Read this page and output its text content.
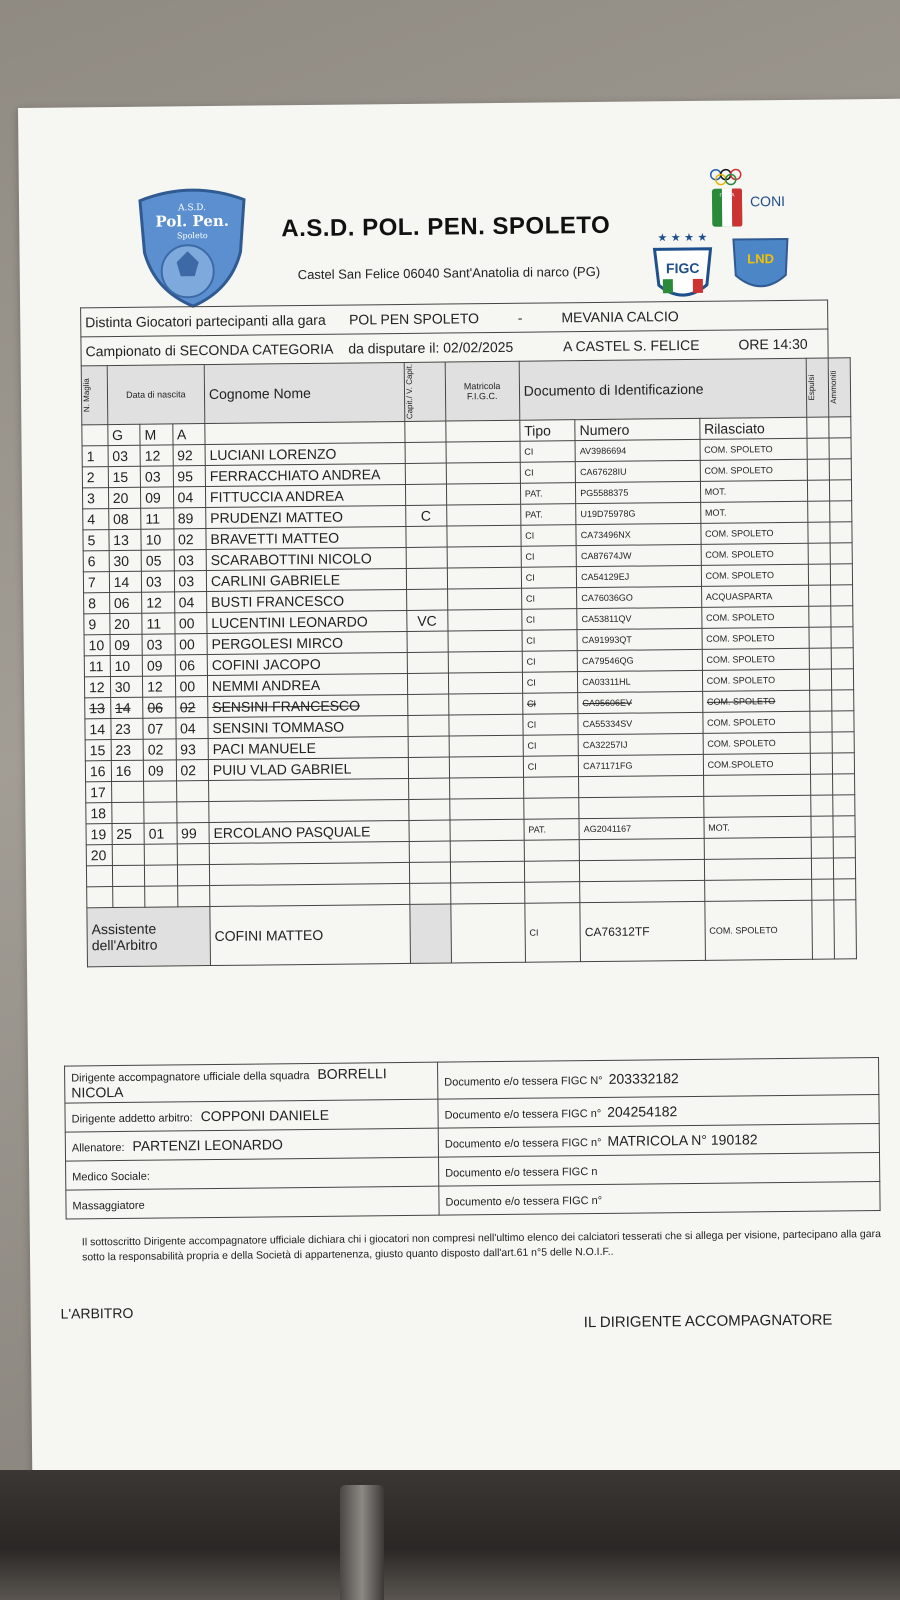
A.S.D.
Pol. Pen.
Spoleto	A.S.D. POL. PEN. SPOLETO
Castel San Felice 06040 Sant'Anatolia di narco (PG)
ITALIA CONI
★ ★ ★ ★
FIGC
LND
Distinta Giocatori partecipanti alla gara POL PEN SPOLETO - MEVANIA CALCIO											
Campionato di SECONDA CATEGORIA da disputare il: 02/02/2025 A CASTEL S. FELICE ORE 14:30											

N. Maglia	Data di nascita			Cognome Nome	Capit./ V. Capit.	Matricola F.I.G.C.	Documento di Identificazione			Espulsi	Ammoniti

	G	M	A				Tipo	Numero	Rilasciato		
1	03	12	92	LUCIANI LORENZO			CI	AV3986694	COM. SPOLETO		
2	15	03	95	FERRACCHIATO ANDREA			CI	CA67628IU	COM. SPOLETO		
3	20	09	04	FITTUCCIA ANDREA			PAT.	PG5588375	MOT.		
4	08	11	89	PRUDENZI MATTEO	C		PAT.	U19D75978G	MOT.		
5	13	10	02	BRAVETTI MATTEO			CI	CA73496NX	COM. SPOLETO		
6	30	05	03	SCARABOTTINI NICOLO			CI	CA87674JW	COM. SPOLETO		
7	14	03	03	CARLINI GABRIELE			CI	CA54129EJ	COM. SPOLETO		
8	06	12	04	BUSTI FRANCESCO			CI	CA76036GO	ACQUASPARTA		
9	20	11	00	LUCENTINI LEONARDO	VC		CI	CA53811QV	COM. SPOLETO		
10	09	03	00	PERGOLESI MIRCO			CI	CA91993QT	COM. SPOLETO		
11	10	09	06	COFINI JACOPO			CI	CA79546QG	COM. SPOLETO		
12	30	12	00	NEMMI ANDREA			CI	CA03311HL	COM. SPOLETO		
13	14	06	02	SENSINI FRANCESCO			CI	CA95606EV	COM. SPOLETO		
14	23	07	04	SENSINI TOMMASO			CI	CA55334SV	COM. SPOLETO		
15	23	02	93	PACI MANUELE			CI	CA32257IJ	COM. SPOLETO		
16	16	09	02	PUIU VLAD GABRIEL			CI	CA71171FG	COM.SPOLETO		
17											
18											
19	25	01	99	ERCOLANO PASQUALE			PAT.	AG2041167	MOT.		
20											

Assistente dell'Arbitro				COFINI MATTEO			CI	CA76312TF	COM. SPOLETO		
Dirigente accompagnatore ufficiale della squadra BORRELLI NICOLA	Documento e/o tessera FIGC N° 203332182
Dirigente addetto arbitro: COPPONI DANIELE	Documento e/o tessera FIGC n° 204254182
Allenatore: PARTENZI LEONARDO	Documento e/o tessera FIGC n° MATRICOLA N° 190182
Medico Sociale:	Documento e/o tessera FIGC n
Massaggiatore	Documento e/o tessera FIGC n°
Il sottoscritto Dirigente accompagnatore ufficiale dichiara chi i giocatori non compresi nell'ultimo elenco dei calciatori tesserati che si allega per visione, partecipano alla gara sotto la responsabilità propria e della Società di appartenenza, giusto quanto disposto dall'art.61 n°5 delle N.O.I.F..
L'ARBITRO	IL DIRIGENTE ACCOMPAGNATORE
